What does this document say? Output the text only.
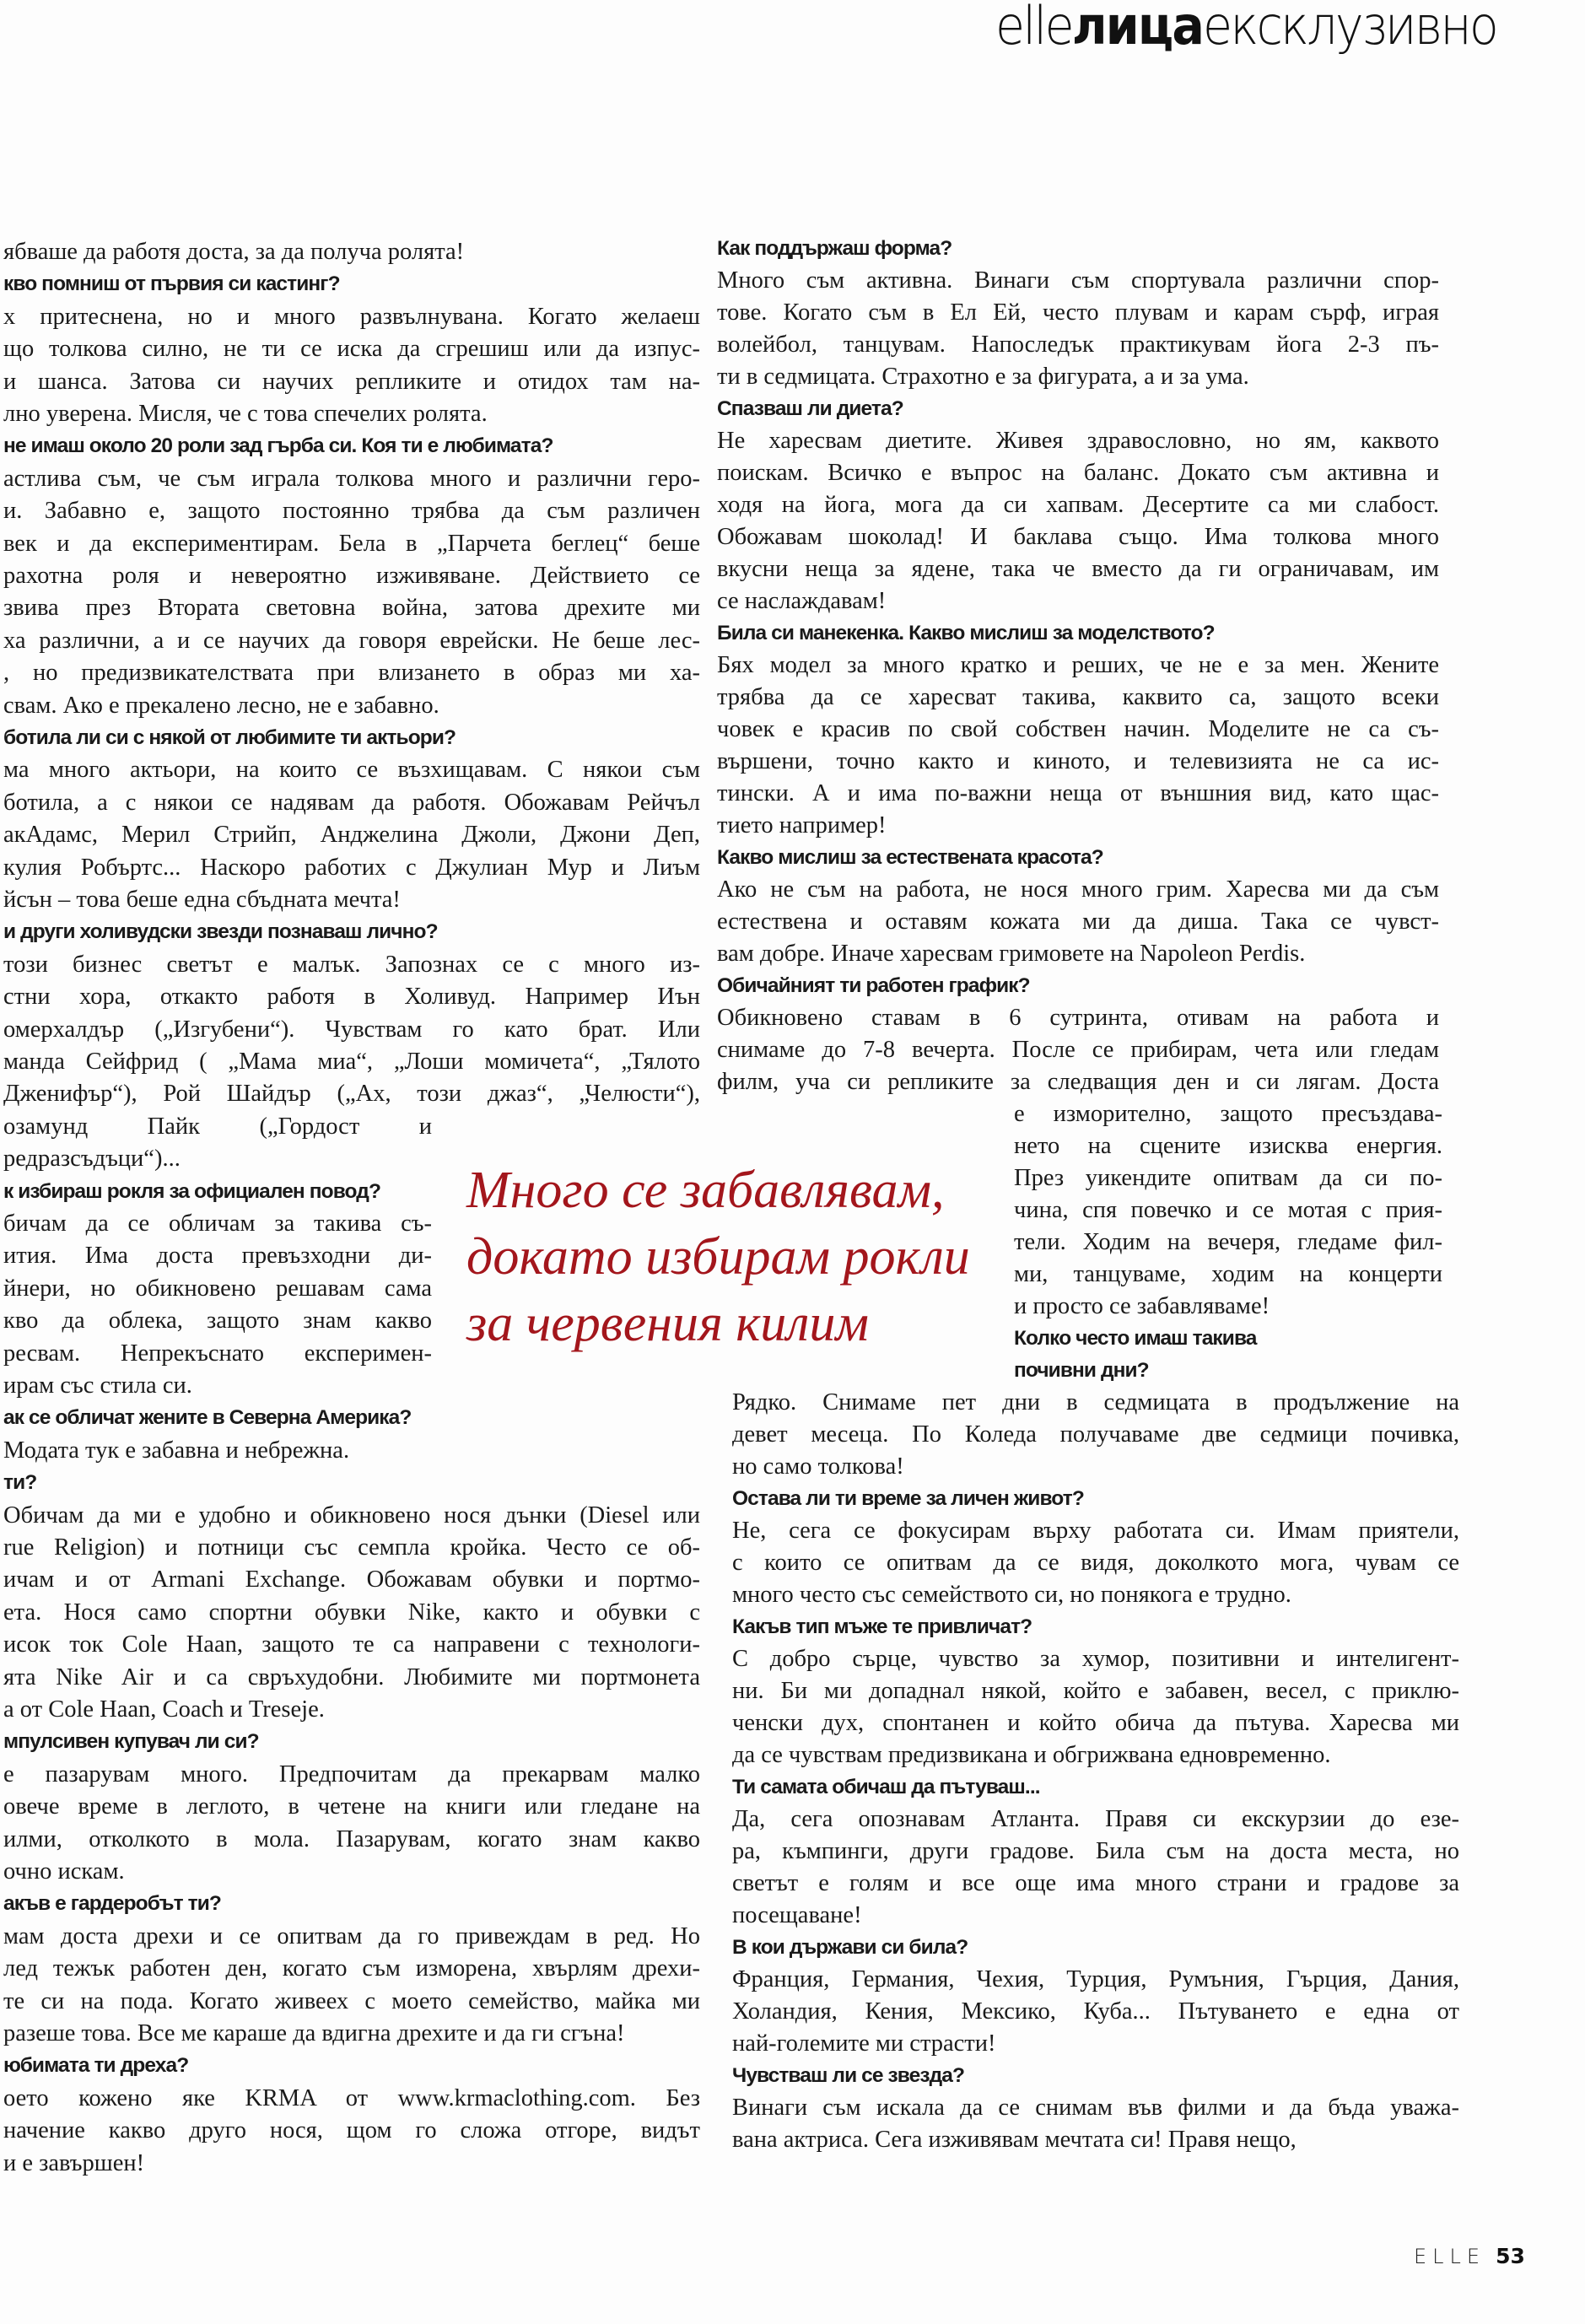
elleлицаексклузивно
ябваше да работя доста, за да получа ролята!
кво помниш от първия си кастинг?
х притеснена, но и много развълнувана. Когато желаеш
що толкова силно, не ти се иска да сгрешиш или да изпус-
и шанса. Затова си научих репликите и отидох там на-
лно уверена. Мисля, че с това спечелих ролята.
не имаш около 20 роли зад гърба си. Коя ти е любимата?
астлива съм, че съм играла толкова много и различни геро-
и. Забавно е, защото постоянно трябва да съм различен
век и да експериментирам. Бела в „Парчета беглец“ беше
рахотна роля и невероятно изживяване. Действието се
звива през Втората световна война, затова дрехите ми
ха различни, а и се научих да говоря еврейски. Не беше лес-
, но предизвикателствата при влизането в образ ми ха-
свам. Ако е прекалено лесно, не е забавно.
ботила ли си с някой от любимите ти актьори?
ма много актьори, на които се възхищавам. С някои съм
ботила, а с някои се надявам да работя. Обожавам Рейчъл
акАдамс, Мерил Стрийп, Анджелина Джоли, Джони Деп,
кулия Робъртс... Наскоро работих с Джулиан Мур и Лиъм
йсън – това беше една сбъдната мечта!
и други холивудски звезди познаваш лично?
този бизнес светът е малък. Запознах се с много из-
стни хора, откакто работя в Холивуд. Например Иън
омерхалдър („Изгубени“). Чувствам го като брат. Или
манда Сейфрид ( „Мама миа“, „Лоши момичета“, „Тялото
Дженифър“), Рой Шайдър („Ах, този джаз“, „Челюсти“),
озамунд Пайк („Гордост и
редразсъдъци“)...
к избираш рокля за официален повод?
бичам да се обличам за такива съ-
ития. Има доста превъзходни ди-
йнери, но обикновено решавам сама
кво да облека, защото знам какво
ресвам. Непрекъснато експеримен-
ирам със стила си.
ак се обличат жените в Северна Америка?
Модата тук е забавна и небрежна.
ти?
Обичам да ми е удобно и обикновено нося дънки (Diesel или
rue Religion) и потници със семпла кройка. Често се об-
ичам и от Armani Exchange. Обожавам обувки и портмо-
ета. Нося само спортни обувки Nike, както и обувки с
исок ток Cole Haan, защото те са направени с технологи-
ята Nike Air и са свръхудобни. Любимите ми портмонета
а от Cole Haan, Coach и Treseje.
мпулсивен купувач ли си?
е пазарувам много. Предпочитам да прекарвам малко
овече време в леглото, в четене на книги или гледане на
илми, отколкото в мола. Пазарувам, когато знам какво
очно искам.
акъв е гардеробът ти?
мам доста дрехи и се опитвам да го привеждам в ред. Но
лед тежък работен ден, когато съм изморена, хвърлям дрехи-
те си на пода. Когато живеех с моето семейство, майка ми
разеше това. Все ме караше да вдигна дрехите и да ги сгъна!
юбимата ти дреха?
оето кожено яке KRMA от www.krmaclothing.com. Без
начение какво друго нося, щом го сложа отгоре, видът
и е завършен!
Как поддържаш форма?
Много съм активна. Винаги съм спортувала различни спор-
тове. Когато съм в Ел Ей, често плувам и карам сърф, играя
волейбол, танцувам. Напоследък практикувам йога 2-3 пъ-
ти в седмицата. Страхотно е за фигурата, а и за ума.
Спазваш ли диета?
Не харесвам диетите. Живея здравословно, но ям, каквото
поискам. Всичко е въпрос на баланс. Докато съм активна и
ходя на йога, мога да си хапвам. Десертите са ми слабост.
Обожавам шоколад! И баклава също. Има толкова много
вкусни неща за ядене, така че вместо да ги ограничавам, им
се наслаждавам!
Била си манекенка. Какво мислиш за моделството?
Бях модел за много кратко и реших, че не е за мен. Жените
трябва да се харесват такива, каквито са, защото всеки
човек е красив по свой собствен начин. Моделите не са съ-
вършени, точно както и киното, и телевизията не са ис-
тински. А и има по-важни неща от външния вид, като щас-
тието например!
Какво мислиш за естествената красота?
Ако не съм на работа, не нося много грим. Харесва ми да съм
естествена и оставям кожата ми да диша. Така се чувст-
вам добре. Иначе харесвам гримовете на Napoleon Perdis.
Обичайният ти работен график?
Обикновено ставам в 6 сутринта, отивам на работа и
снимаме до 7-8 вечерта. После се прибирам, чета или гледам
филм, уча си репликите за следващия ден и си лягам. Доста
е изморително, защото пресъздава-
нето на сцените изисква енергия.
През уикендите опитвам да си по-
чина, спя повечко и се мотая с прия-
тели. Ходим на вечеря, гледаме фил-
ми, танцуваме, ходим на концерти
и просто се забавляваме!
Колко често имаш такива
почивни дни?
Рядко. Снимаме пет дни в седмицата в продължение на
девет месеца. По Коледа получаваме две седмици почивка,
но само толкова!
Остава ли ти време за личен живот?
Не, сега се фокусирам върху работата си. Имам приятели,
с които се опитвам да се видя, доколкото мога, чувам се
много често със семейството си, но понякога е трудно.
Какъв тип мъже те привличат?
С добро сърце, чувство за хумор, позитивни и интелигент-
ни. Би ми допаднал някой, който е забавен, весел, с приклю-
ченски дух, спонтанен и който обича да пътува. Харесва ми
да се чувствам предизвикана и обгрижвана едновременно.
Ти самата обичаш да пътуваш...
Да, сега опознавам Атланта. Правя си екскурзии до езе-
ра, къмпинги, други градове. Била съм на доста места, но
светът е голям и все още има много страни и градове за
посещаване!
В кои държави си била?
Франция, Германия, Чехия, Турция, Румъния, Гърция, Дания,
Холандия, Кения, Мексико, Куба... Пътуването е една от
най-големите ми страсти!
Чувстваш ли се звезда?
Винаги съм искала да се снимам във филми и да бъда уважа-
вана актриса. Сега изживявам мечтата си! Правя нещо,
Много се забавлявам,
докато избирам рокли
за червения килим
ELLE 53
